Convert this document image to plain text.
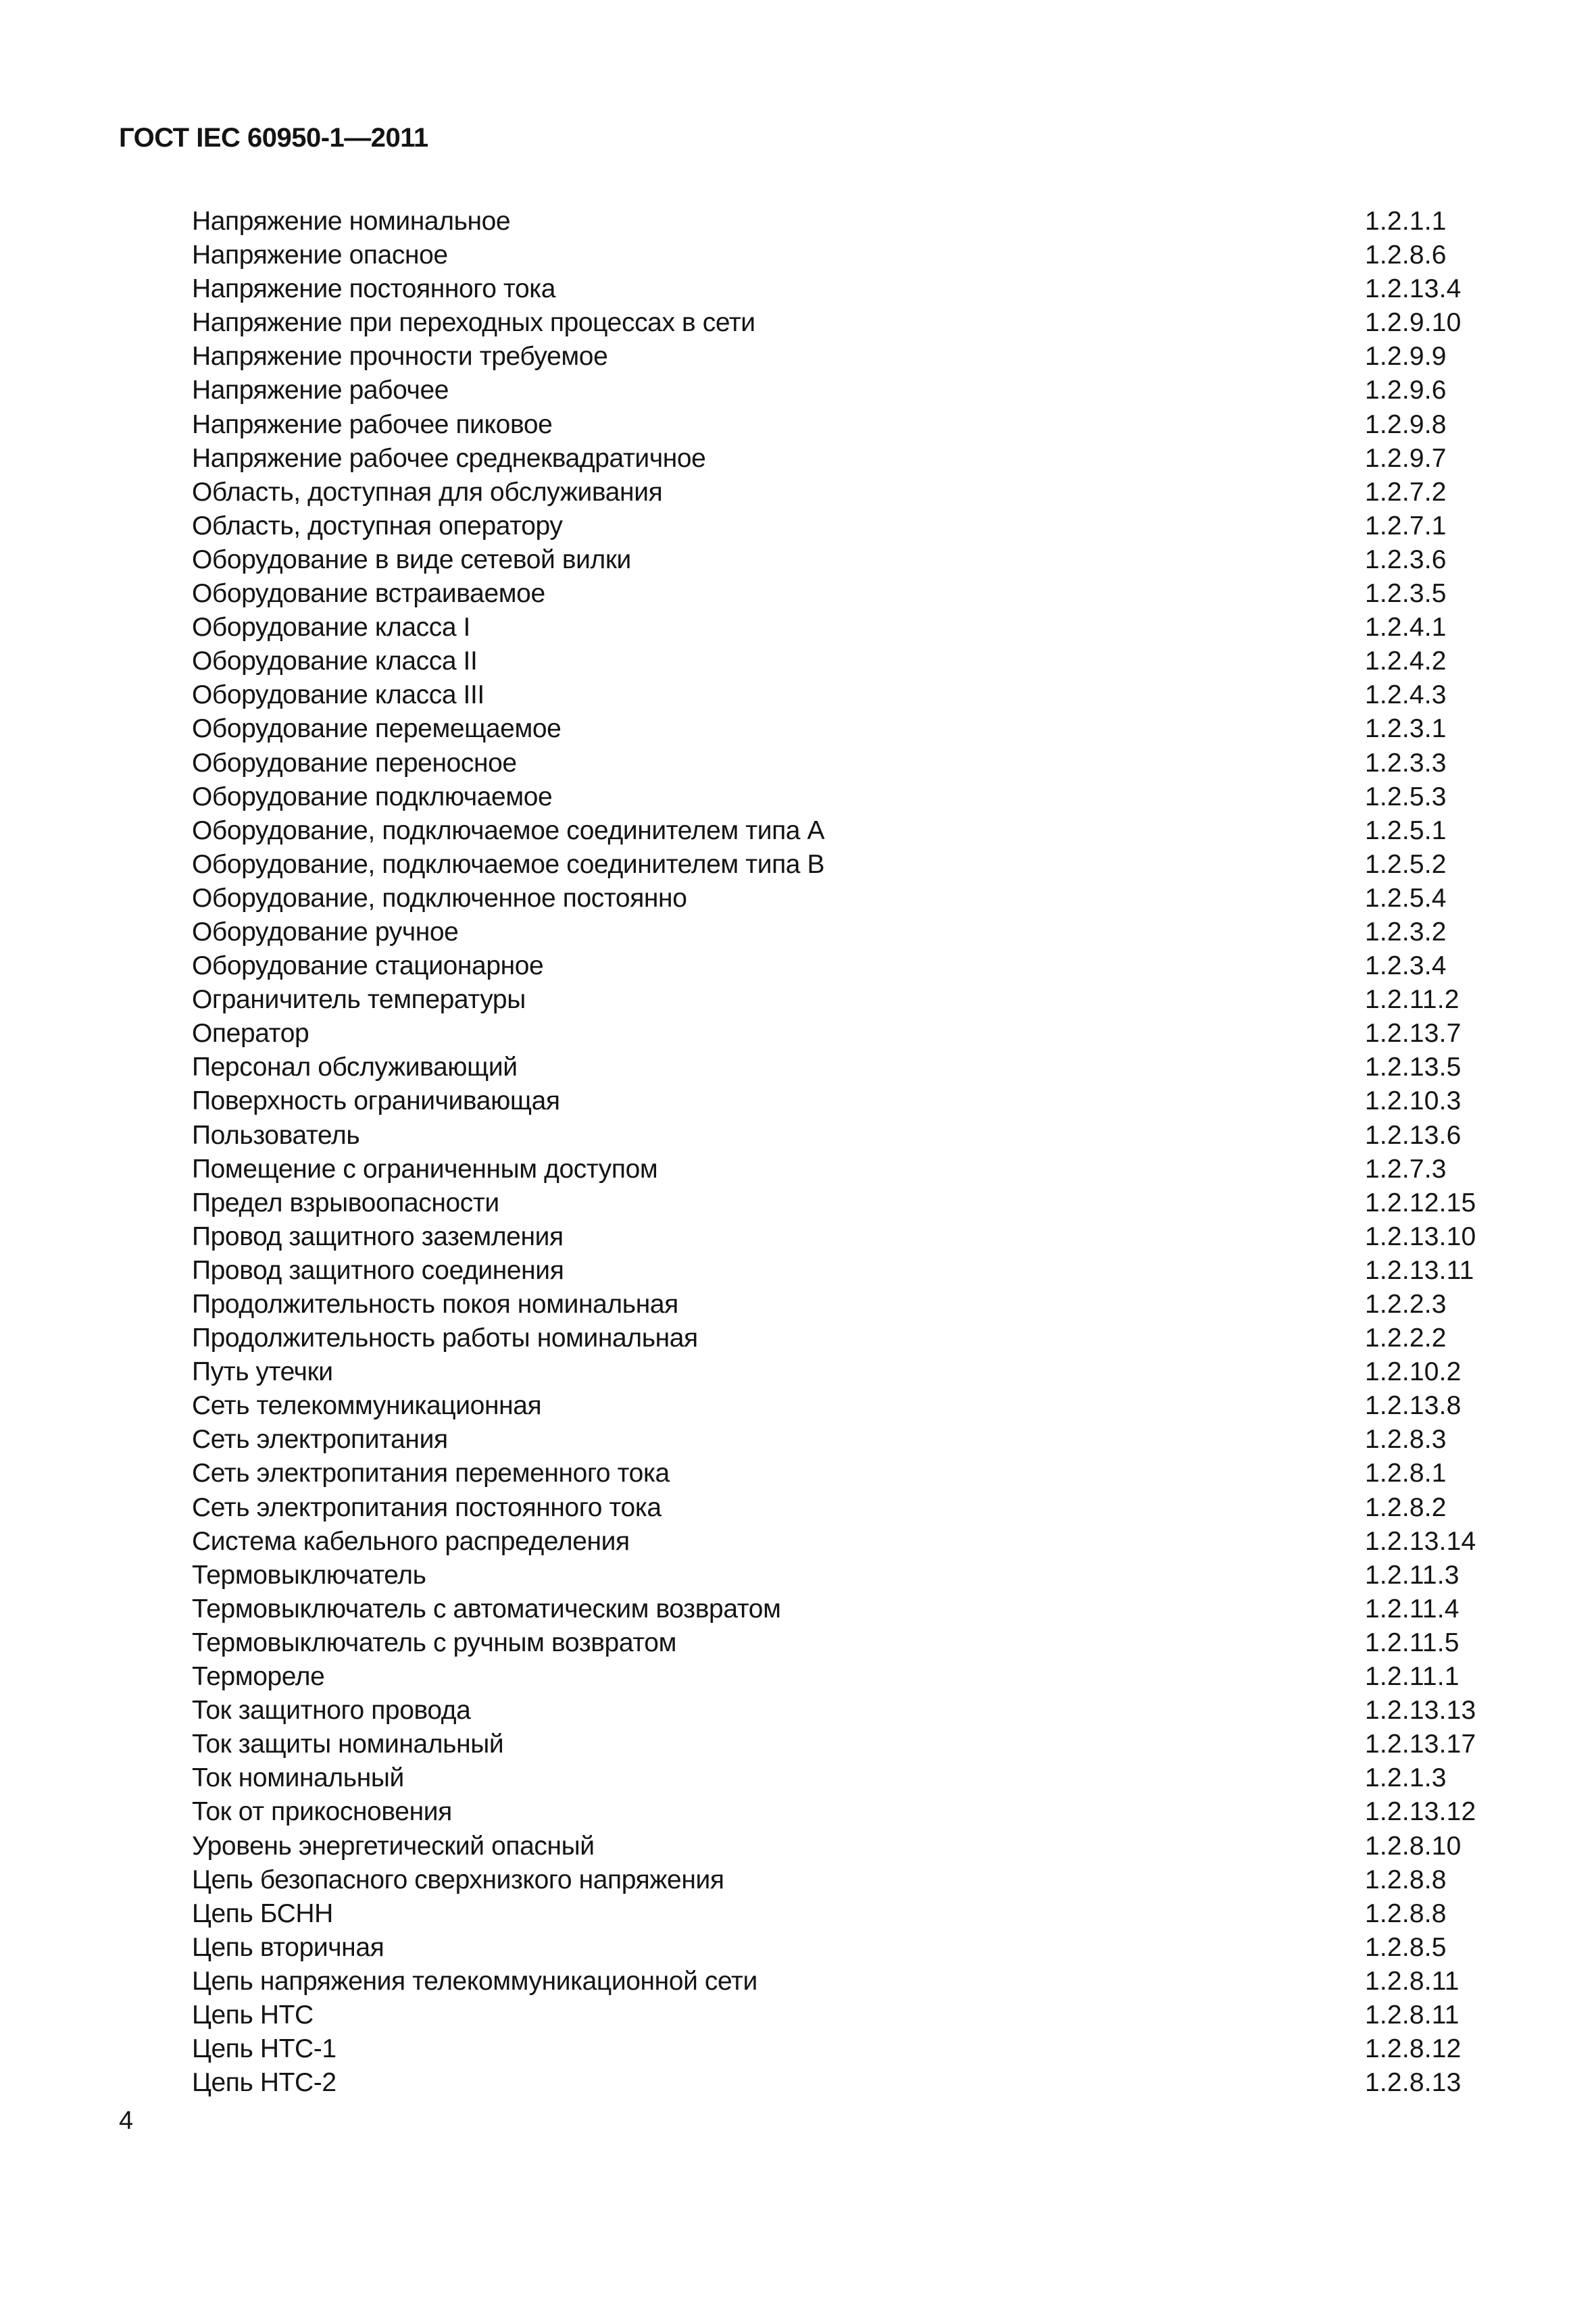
ГОСТ IEC 60950-1—2011
Напряжение номинальное	1.2.1.1
Напряжение опасное	1.2.8.6
Напряжение постоянного тока	1.2.13.4
Напряжение при переходных процессах в сети	1.2.9.10
Напряжение прочности требуемое	1.2.9.9
Напряжение рабочее	1.2.9.6
Напряжение рабочее пиковое	1.2.9.8
Напряжение рабочее среднеквадратичное	1.2.9.7
Область, доступная для обслуживания	1.2.7.2
Область, доступная оператору	1.2.7.1
Оборудование в виде сетевой вилки	1.2.3.6
Оборудование встраиваемое	1.2.3.5
Оборудование класса I	1.2.4.1
Оборудование класса II	1.2.4.2
Оборудование класса III	1.2.4.3
Оборудование перемещаемое	1.2.3.1
Оборудование переносное	1.2.3.3
Оборудование подключаемое	1.2.5.3
Оборудование, подключаемое соединителем типа А	1.2.5.1
Оборудование, подключаемое соединителем типа В	1.2.5.2
Оборудование, подключенное постоянно	1.2.5.4
Оборудование ручное	1.2.3.2
Оборудование стационарное	1.2.3.4
Ограничитель температуры	1.2.11.2
Оператор	1.2.13.7
Персонал обслуживающий	1.2.13.5
Поверхность ограничивающая	1.2.10.3
Пользователь	1.2.13.6
Помещение с ограниченным доступом	1.2.7.3
Предел взрывоопасности	1.2.12.15
Провод защитного заземления	1.2.13.10
Провод защитного соединения	1.2.13.11
Продолжительность покоя номинальная	1.2.2.3
Продолжительность работы номинальная	1.2.2.2
Путь утечки	1.2.10.2
Сеть телекоммуникационная	1.2.13.8
Сеть электропитания	1.2.8.3
Сеть электропитания переменного тока	1.2.8.1
Сеть электропитания постоянного тока	1.2.8.2
Система кабельного распределения	1.2.13.14
Термовыключатель	1.2.11.3
Термовыключатель с автоматическим возвратом	1.2.11.4
Термовыключатель с ручным возвратом	1.2.11.5
Термореле	1.2.11.1
Ток защитного провода	1.2.13.13
Ток защиты номинальный	1.2.13.17
Ток номинальный	1.2.1.3
Ток от прикосновения	1.2.13.12
Уровень энергетический опасный	1.2.8.10
Цепь безопасного сверхнизкого напряжения	1.2.8.8
Цепь БСНН	1.2.8.8
Цепь вторичная	1.2.8.5
Цепь напряжения телекоммуникационной сети	1.2.8.11
Цепь НТС	1.2.8.11
Цепь НТС-1	1.2.8.12
Цепь НТС-2	1.2.8.13
4
